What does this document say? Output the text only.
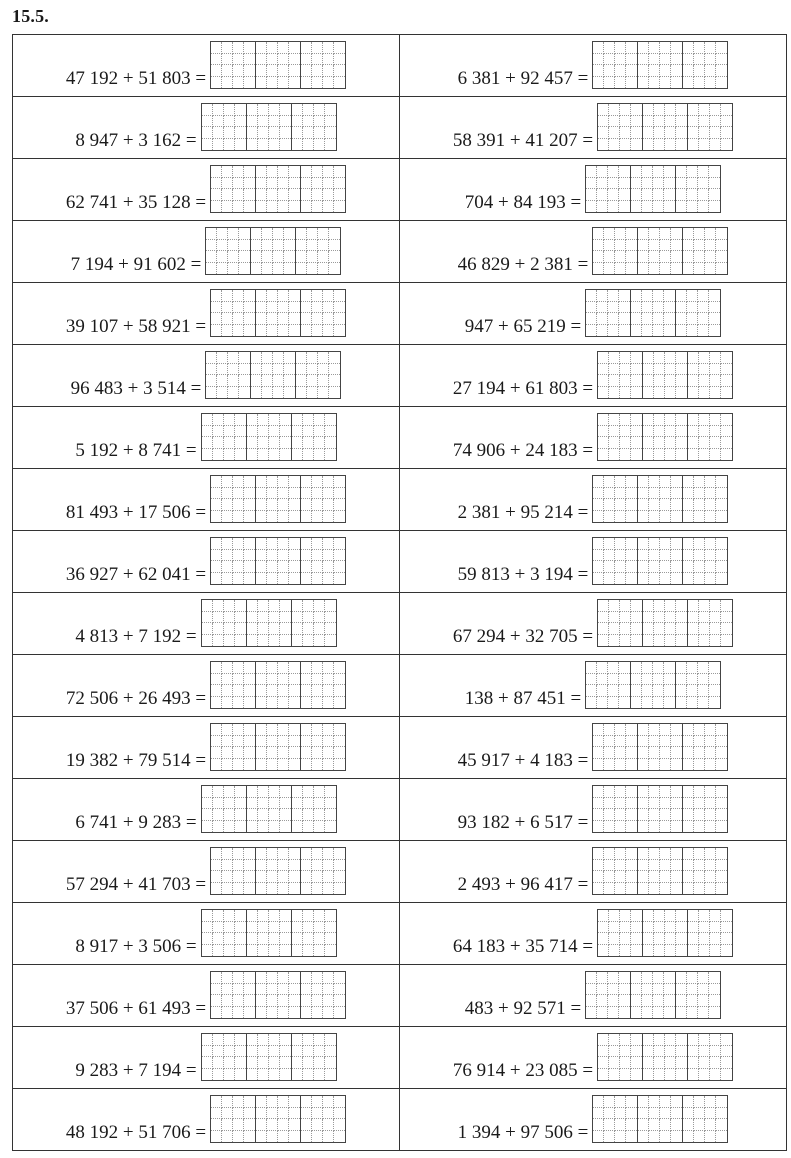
15.5.
47 192 + 51 803 =	6 381 + 92 457 =

8 947 + 3 162 =	58 391 + 41 207 =

62 741 + 35 128 =	704 + 84 193 =

7 194 + 91 602 =	46 829 + 2 381 =

39 107 + 58 921 =	947 + 65 219 =

96 483 + 3 514 =	27 194 + 61 803 =

5 192 + 8 741 =	74 906 + 24 183 =

81 493 + 17 506 =	2 381 + 95 214 =

36 927 + 62 041 =	59 813 + 3 194 =

4 813 + 7 192 =	67 294 + 32 705 =

72 506 + 26 493 =	138 + 87 451 =

19 382 + 79 514 =	45 917 + 4 183 =

6 741 + 9 283 =	93 182 + 6 517 =

57 294 + 41 703 =	2 493 + 96 417 =

8 917 + 3 506 =	64 183 + 35 714 =

37 506 + 61 493 =	483 + 92 571 =

9 283 + 7 194 =	76 914 + 23 085 =

48 192 + 51 706 =	1 394 + 97 506 =
